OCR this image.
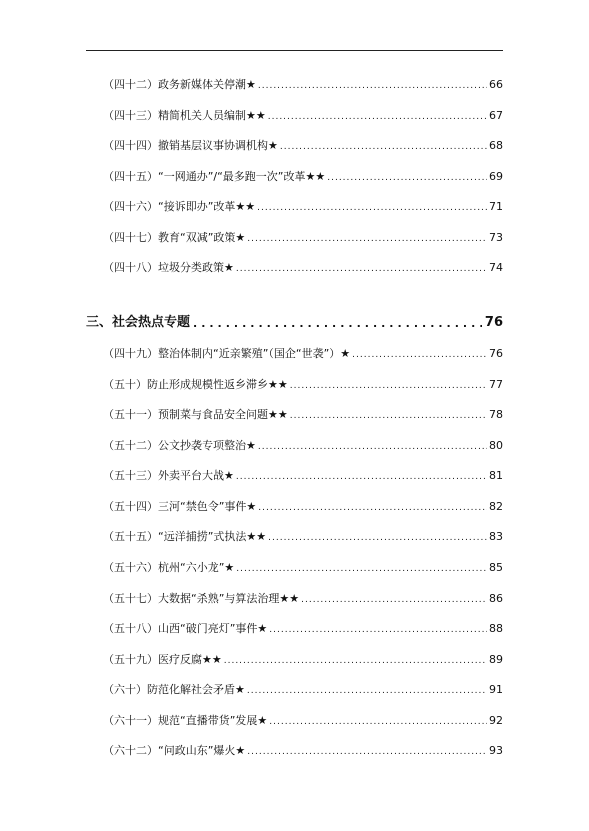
（四十二）政务新媒体关停潮★ .....	66
（四十三）精简机关人员编制★★ .....	67
（四十四）撤销基层议事协调机构★ .....	68
（四十五）“一网通办”/“最多跑一次”改革★★ .....	69
（四十六）“接诉即办”改革★★ .....	71
（四十七）教育“双减”政策★ .....	73
（四十八）垃圾分类政策★ .....	74
三、社会热点专题 .....	76
（四十九）整治体制内“近亲繁殖”（国企“世袭”）★ .....	76
（五十）防止形成规模性返乡滞乡★★ .....	77
（五十一）预制菜与食品安全问题★★ .....	78
（五十二）公文抄袭专项整治★ .....	80
（五十三）外卖平台大战★ .....	81
（五十四）三河“禁色令”事件★ .....	82
（五十五）“远洋捕捞”式执法★★ .....	83
（五十六）杭州“六小龙”★ .....	85
（五十七）大数据“杀熟”与算法治理★★ .....	86
（五十八）山西“破门亮灯”事件★ .....	88
（五十九）医疗反腐★★ .....	89
（六十）防范化解社会矛盾★ .....	91
（六十一）规范“直播带货”发展★ .....	92
（六十二）“问政山东”爆火★ .....	93
